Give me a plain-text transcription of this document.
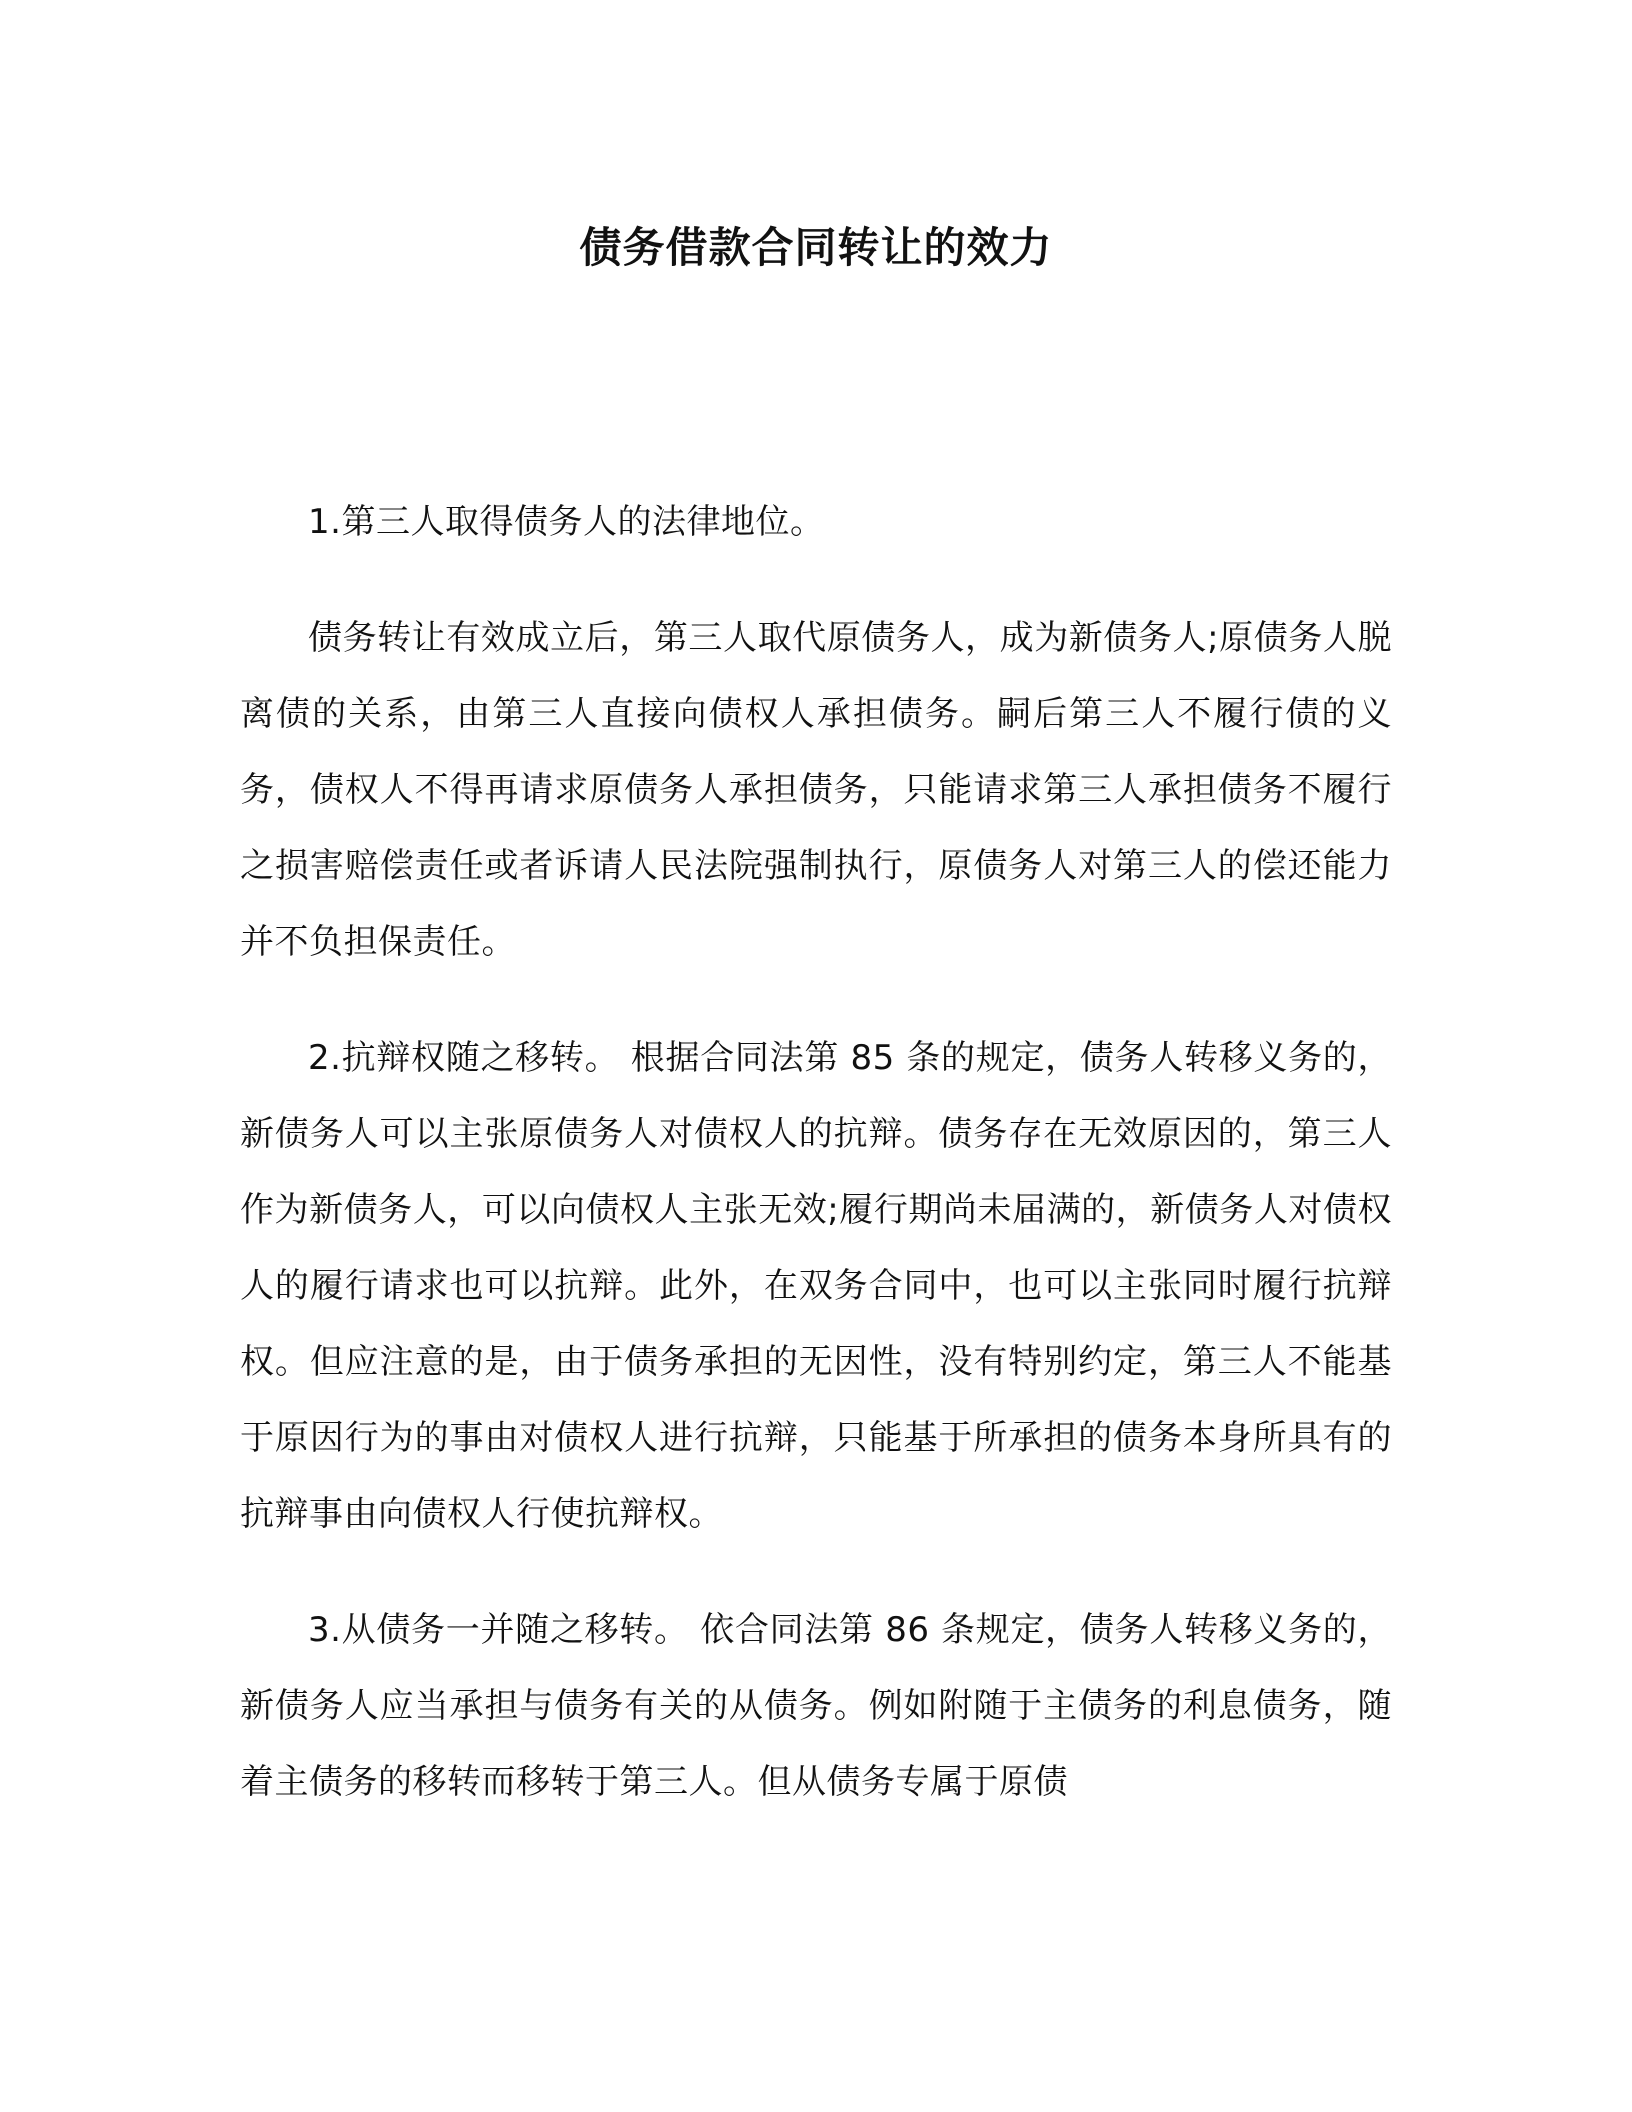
债务借款合同转让的效力

1.第三人取得债务人的法律地位。

债务转让有效成立后，第三人取代原债务人，成为新债务人;原债务人脱离债的关系，由第三人直接向债权人承担债务。嗣后第三人不履行债的义务，债权人不得再请求原债务人承担债务，只能请求第三人承担债务不履行之损害赔偿责任或者诉请人民法院强制执行，原债务人对第三人的偿还能力并不负担保责任。

2.抗辩权随之移转。 根据合同法第 85 条的规定，债务人转移义务的，新债务人可以主张原债务人对债权人的抗辩。债务存在无效原因的，第三人作为新债务人，可以向债权人主张无效;履行期尚未届满的，新债务人对债权人的履行请求也可以抗辩。此外，在双务合同中，也可以主张同时履行抗辩权。但应注意的是，由于债务承担的无因性，没有特别约定，第三人不能基于原因行为的事由对债权人进行抗辩，只能基于所承担的债务本身所具有的抗辩事由向债权人行使抗辩权。

3.从债务一并随之移转。 依合同法第 86 条规定，债务人转移义务的，新债务人应当承担与债务有关的从债务。例如附随于主债务的利息债务，随着主债务的移转而移转于第三人。但从债务专属于原债
